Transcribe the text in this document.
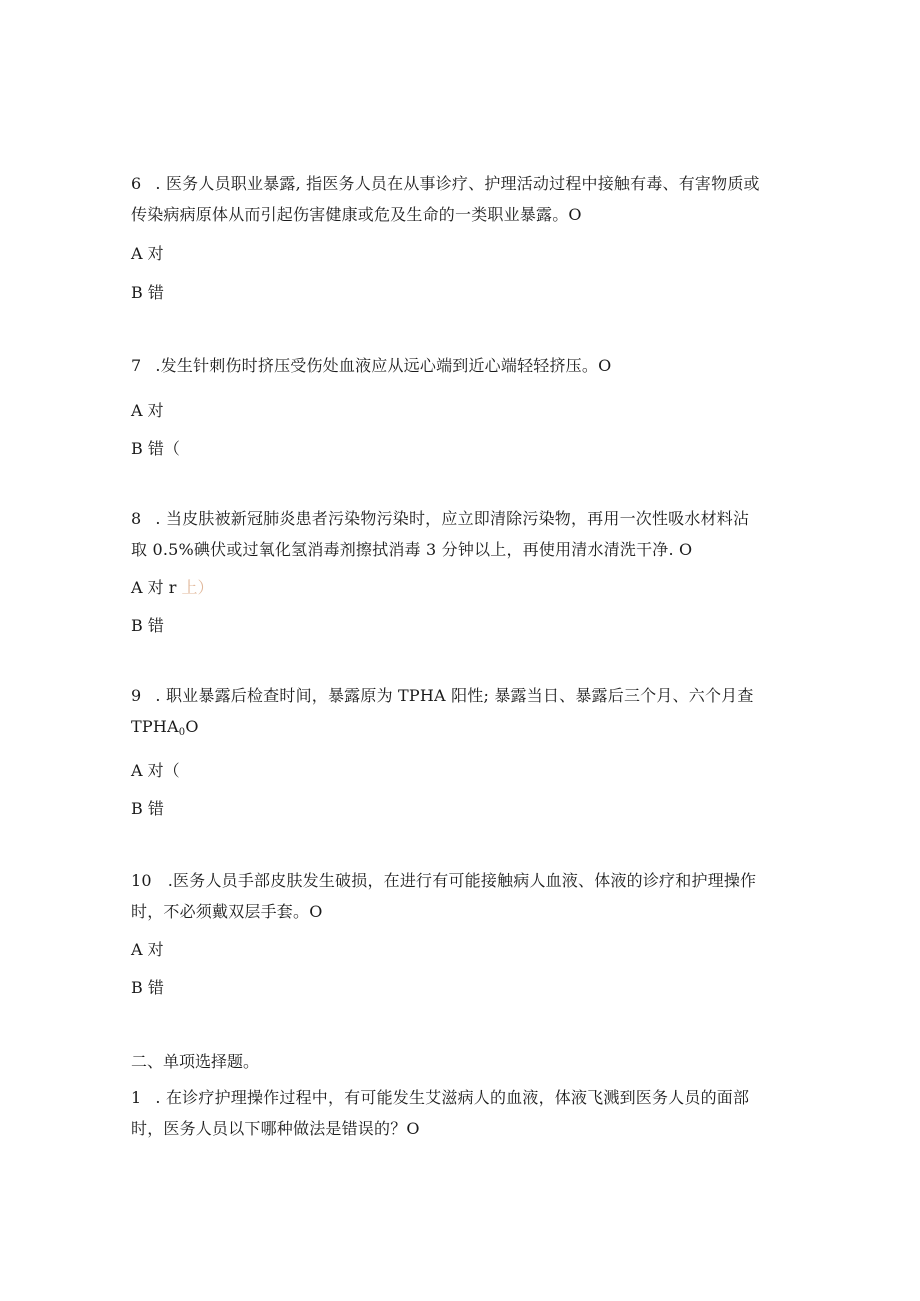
6 . 医务人员职业暴露, 指医务人员在从事诊疗、护理活动过程中接触有毒、有害物质或
传染病病原体从而引起伤害健康或危及生命的一类职业暴露。O
A 对
B 错
7 .发生针刺伤时挤压受伤处血液应从远心端到近心端轻轻挤压。O
A 对
B 错（
8 . 当皮肤被新冠肺炎患者污染物污染时，应立即清除污染物，再用一次性吸水材料沾
取 0.5%碘伏或过氧化氢消毒剂擦拭消毒 3 分钟以上，再使用清水清洗干净. O
A 对 r 上）
B 错
9 . 职业暴露后检查时间，暴露原为 TPHA 阳性; 暴露当日、暴露后三个月、六个月查
$TPHA_0O$
A 对（
B 错
10 .医务人员手部皮肤发生破损，在进行有可能接触病人血液、体液的诊疗和护理操作
时，不必须戴双层手套。O
A 对
B 错
二、单项选择题。
1 . 在诊疗护理操作过程中，有可能发生艾滋病人的血液，体液飞溅到医务人员的面部
时，医务人员以下哪种做法是错误的？O
